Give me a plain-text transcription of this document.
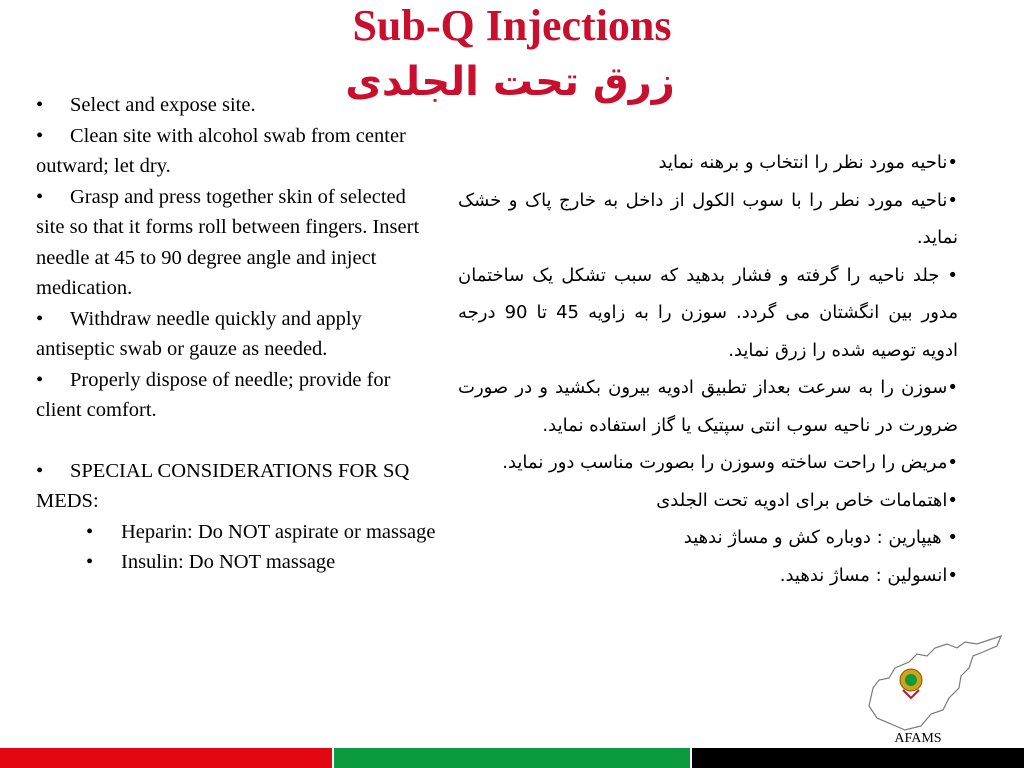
Sub-Q Injections
زرق تحت الجلدی

• Select and expose site.

• Clean site with alcohol swab from center outward; let dry.

• Grasp and press together skin of selected site so that it forms roll between fingers. Insert needle at 45 to 90 degree angle and inject medication.

• Withdraw needle quickly and apply antiseptic swab or gauze as needed.

• Properly dispose of needle; provide for client comfort.

• SPECIAL CONSIDERATIONS FOR SQ MEDS:

• Heparin: Do NOT aspirate or massage

• Insulin: Do NOT massage

•ناحیه مورد نظر را انتخاب و برهنه نماید

•ناحیه مورد نطر را با سوب الکول از داخل به خارج پاک و خشک نماید.

• جلد ناحیه را گرفته و فشار بدهید که سبب تشکل یک ساختمان مدور بین انگشتان می گردد. سوزن را به زاویه 45 تا 90 درجه ادویه توصیه شده را زرق نماید.

•سوزن را به سرعت بعداز تطبیق ادویه بیرون بکشید و در صورت ضرورت در ناحیه سوب انتی سپتیک یا گاز استفاده نماید.

•مریض را راحت ساخته وسوزن را بصورت مناسب دور نماید.

•اهتمامات خاص برای ادویه تحت الجلدی

• هیپارین : دوباره کش و مساژ ندهید

•انسولین : مساژ ندهید.

AFAMS
